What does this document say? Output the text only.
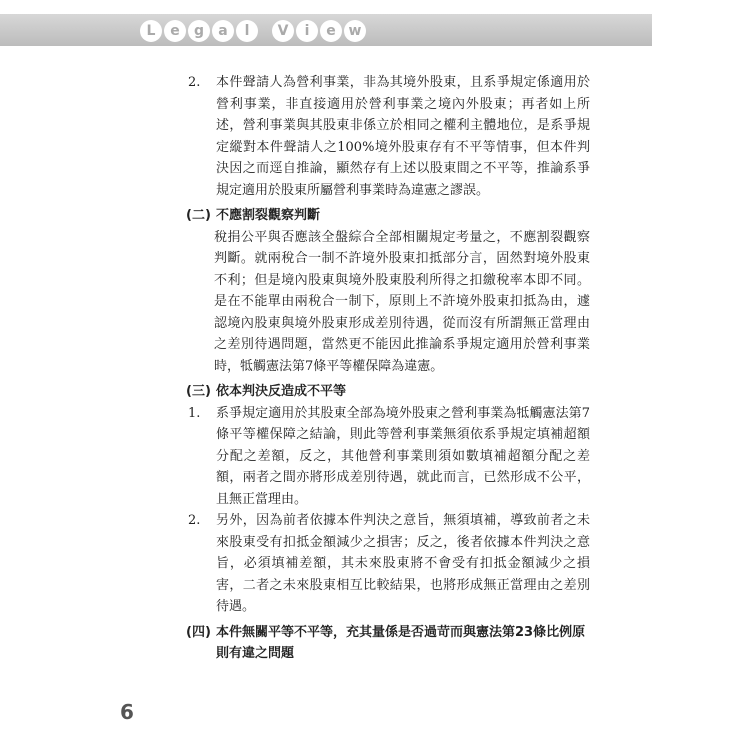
L	e	g	a	l	V	i	e w
2.	本件聲請人為營利事業，非為其境外股東，且系爭規定係適用於營利事業，非直接適用於營利事業之境內外股東；再者如上所述，營利事業與其股東非係立於相同之權利主體地位，是系爭規定縱對本件聲請人之100%境外股東存有不平等情事，但本件判決因之而逕自推論，顯然存有上述以股東間之不平等，推論系爭規定適用於股東所屬營利事業時為違憲之謬誤。
(二) 不應割裂觀察判斷
稅捐公平與否應該全盤綜合全部相關規定考量之，不應割裂觀察判斷。就兩稅合一制不許境外股東扣抵部分言，固然對境外股東不利；但是境內股東與境外股東股利所得之扣繳稅率本即不同。是在不能單由兩稅合一制下，原則上不許境外股東扣抵為由，遽認境內股東與境外股東形成差別待遇，從而沒有所謂無正當理由之差別待遇問題，當然更不能因此推論系爭規定適用於營利事業時，牴觸憲法第7條平等權保障為違憲。
(三) 依本判決反造成不平等
1.	系爭規定適用於其股東全部為境外股東之營利事業為牴觸憲法第7條平等權保障之結論，則此等營利事業無須依系爭規定填補超額分配之差額，反之，其他營利事業則須如數填補超額分配之差額，兩者之間亦將形成差別待遇，就此而言，已然形成不公平，且無正當理由。
2.	另外，因為前者依據本件判決之意旨，無須填補，導致前者之未來股東受有扣抵金額減少之損害；反之，後者依據本件判決之意旨，必須填補差額，其未來股東將不會受有扣抵金額減少之損害，二者之未來股東相互比較結果，也將形成無正當理由之差別待遇。
(四) 本件無關平等不平等，充其量係是否過苛而與憲法第23條比例原則有違之問題
6
